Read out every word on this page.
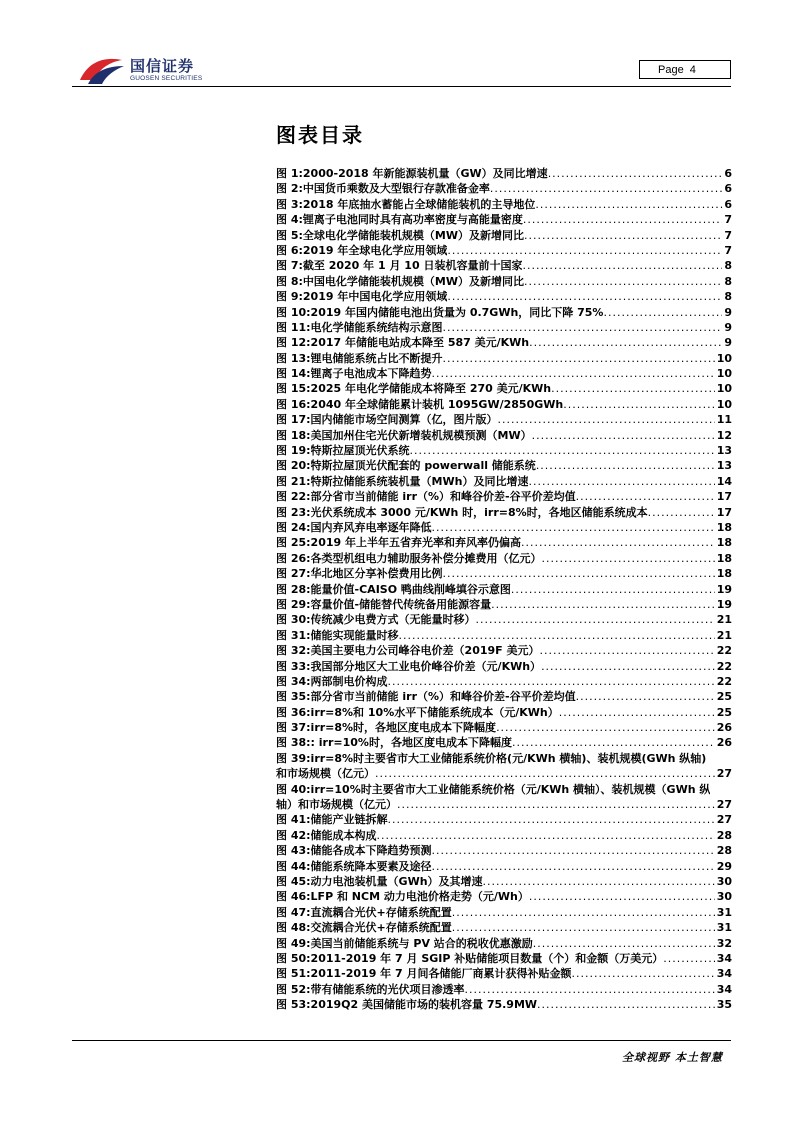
国信证券
GUOSEN SECURITIES
Page 4
图表目录
图 1: 2000-2018 年新能源装机量（GW）及同比增速 .....	6
图 2: 中国货币乘数及大型银行存款准备金率 .....	6
图 3: 2018 年底抽水蓄能占全球储能装机的主导地位 .....	6
图 4: 锂离子电池同时具有高功率密度与高能量密度 .....	7
图 5: 全球电化学储能装机规模（MW）及新增同比 .....	7
图 6: 2019 年全球电化学应用领域 .....	7
图 7: 截至 2020 年 1 月 10 日装机容量前十国家 .....	8
图 8: 中国电化学储能装机规模（MW）及新增同比 .....	8
图 9: 2019 年中国电化学应用领域 .....	8
图 10: 2019 年国内储能电池出货量为 0.7GWh，同比下降 75% .....	9
图 11: 电化学储能系统结构示意图 .....	9
图 12: 2017 年储能电站成本降至 587 美元/KWh .....	9
图 13: 锂电储能系统占比不断提升 .....	10
图 14: 锂离子电池成本下降趋势 .....	10
图 15: 2025 年电化学储能成本将降至 270 美元/KWh .....	10
图 16: 2040 年全球储能累计装机 1095GW/2850GWh .....	10
图 17: 国内储能市场空间测算（亿，图片版） .....	11
图 18: 美国加州住宅光伏新增装机规模预测（MW） .....	12
图 19: 特斯拉屋顶光伏系统 .....	13
图 20: 特斯拉屋顶光伏配套的 powerwall 储能系统 .....	13
图 21: 特斯拉储能系统装机量（MWh）及同比增速 .....	14
图 22: 部分省市当前储能 irr（%）和峰谷价差-谷平价差均值 .....	17
图 23: 光伏系统成本 3000 元/KWh 时，irr=8%时，各地区储能系统成本 .....	17
图 24: 国内弃风弃电率逐年降低 .....	18
图 25: 2019 年上半年五省弃光率和弃风率仍偏高 .....	18
图 26: 各类型机组电力辅助服务补偿分摊费用（亿元） .....	18
图 27: 华北地区分享补偿费用比例 .....	18
图 28: 能量价值-CAISO 鸭曲线削峰填谷示意图 .....	19
图 29: 容量价值-储能替代传统备用能源容量 .....	19
图 30: 传统减少电费方式（无能量时移） .....	21
图 31: 储能实现能量时移 .....	21
图 32: 美国主要电力公司峰谷电价差（2019F 美元） .....	22
图 33: 我国部分地区大工业电价峰谷价差（元/KWh） .....	22
图 34: 两部制电价构成 .....	22
图 35: 部分省市当前储能 irr（%）和峰谷价差-谷平价差均值 .....	25
图 36: irr=8%和 10%水平下储能系统成本（元/KWh） .....	25
图 37: irr=8%时，各地区度电成本下降幅度 .....	26
图 38: : irr=10%时，各地区度电成本下降幅度 .....	26
图 39: irr=8%时主要省市大工业储能系统价格(元/KWh 横轴)、装机规模(GWh 纵轴)
和市场规模（亿元） .....	27
图 40: irr=10%时主要省市大工业储能系统价格（元/KWh 横轴）、装机规模（GWh 纵
轴）和市场规模（亿元） .....	27
图 41: 储能产业链拆解 .....	27
图 42: 储能成本构成 .....	28
图 43: 储能各成本下降趋势预测 .....	28
图 44: 储能系统降本要素及途径 .....	29
图 45: 动力电池装机量（GWh）及其增速 .....	30
图 46: LFP 和 NCM 动力电池价格走势（元/Wh） .....	30
图 47: 直流耦合光伏+存储系统配置 .....	31
图 48: 交流耦合光伏+存储系统配置 .....	31
图 49: 美国当前储能系统与 PV 站合的税收优惠激励 .....	32
图 50: 2011-2019 年 7 月 SGIP 补贴储能项目数量（个）和金额（万美元） .....	34
图 51: 2011-2019 年 7 月间各储能厂商累计获得补贴金额 .....	34
图 52: 带有储能系统的光伏项目渗透率 .....	34
图 53: 2019Q2 美国储能市场的装机容量 75.9MW .....	35
全球视野 本土智慧
